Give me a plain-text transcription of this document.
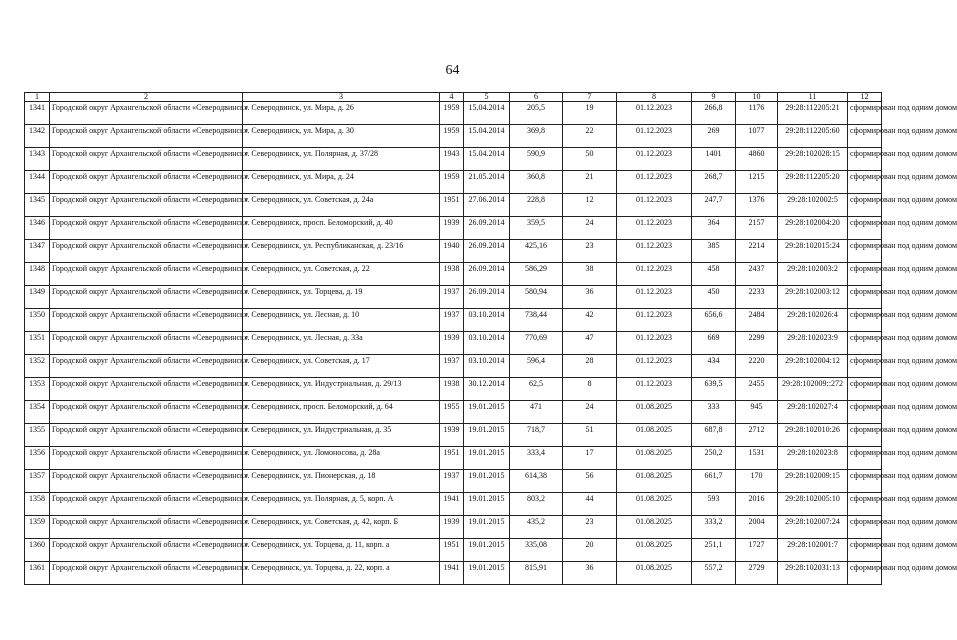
64
1	2	3	4	5	6	7	8	9	10	11	12
1341	Городской округ Архангельской области «Северодвинск»	г. Северодвинск, ул. Мира, д. 26	1959	15.04.2014	205,5	19	01.12.2023	266,8	1176	29:28:112205:21	сформирован под одним домом
1342	Городской округ Архангельской области «Северодвинск»	г. Северодвинск, ул. Мира, д. 30	1959	15.04.2014	369,8	22	01.12.2023	269	1077	29:28:112205:60	сформирован под одним домом
1343	Городской округ Архангельской области «Северодвинск»	г. Северодвинск, ул. Полярная, д. 37/28	1943	15.04.2014	590,9	50	01.12.2023	1401	4860	29:28:102028:15	сформирован под одним домом
1344	Городской округ Архангельской области «Северодвинск»	г. Северодвинск, ул. Мира, д. 24	1959	21.05.2014	360,8	21	01.12.2023	268,7	1215	29:28:112205:20	сформирован под одним домом
1345	Городской округ Архангельской области «Северодвинск»	г. Северодвинск, ул. Советская, д. 24а	1951	27.06.2014	228,8	12	01.12.2023	247,7	1376	29:28:102002:5	сформирован под одним домом
1346	Городской округ Архангельской области «Северодвинск»	г. Северодвинск, просп. Беломорский, д. 40	1939	26.09.2014	359,5	24	01.12.2023	364	2157	29:28:102004:20	сформирован под одним домом
1347	Городской округ Архангельской области «Северодвинск»	г. Северодвинск, ул. Республиканская, д. 23/16	1940	26.09.2014	425,16	23	01.12.2023	385	2214	29:28:102015:24	сформирован под одним домом
1348	Городской округ Архангельской области «Северодвинск»	г. Северодвинск, ул. Советская, д. 22	1938	26.09.2014	586,29	38	01.12.2023	458	2437	29:28:102003:2	сформирован под одним домом
1349	Городской округ Архангельской области «Северодвинск»	г. Северодвинск, ул. Торцева, д. 19	1937	26.09.2014	580,94	36	01.12.2023	450	2233	29:28:102003:12	сформирован под одним домом
1350	Городской округ Архангельской области «Северодвинск»	г. Северодвинск, ул. Лесная, д. 10	1937	03.10.2014	738,44	42	01.12.2023	656,6	2484	29:28:102026:4	сформирован под одним домом
1351	Городской округ Архангельской области «Северодвинск»	г. Северодвинск, ул. Лесная, д. 33а	1939	03.10.2014	770,69	47	01.12.2023	669	2299	29:28:102023:9	сформирован под одним домом
1352	Городской округ Архангельской области «Северодвинск»	г. Северодвинск, ул. Советская, д. 17	1937	03.10.2014	596,4	28	01.12.2023	434	2220	29:28:102004:12	сформирован под одним домом
1353	Городской округ Архангельской области «Северодвинск»	г. Северодвинск, ул. Индустриальная, д. 29/13	1938	30.12.2014	62,5	8	01.12.2023	639,5	2455	29:28:102009::272	сформирован под одним домом
1354	Городской округ Архангельской области «Северодвинск»	г. Северодвинск, просп. Беломорский, д. 64	1955	19.01.2015	471	24	01.08.2025	333	945	29:28:102027:4	сформирован под одним домом
1355	Городской округ Архангельской области «Северодвинск»	г. Северодвинск, ул. Индустриальная, д. 35	1939	19.01.2015	718,7	51	01.08.2025	687,8	2712	29:28:102010:26	сформирован под одним домом
1356	Городской округ Архангельской области «Северодвинск»	г. Северодвинск, ул. Ломоносова, д. 28а	1951	19.01.2015	333,4	17	01.08.2025	250,2	1531	29:28:102023:8	сформирован под одним домом
1357	Городской округ Архангельской области «Северодвинск»	г. Северодвинск, ул. Пионерская, д. 18	1937	19.01.2015	614,38	56	01.08.2025	661,7	170	29:28:102009:15	сформирован под одним домом
1358	Городской округ Архангельской области «Северодвинск»	г. Северодвинск, ул. Полярная, д. 5, корп. А	1941	19.01.2015	803,2	44	01.08.2025	593	2016	29:28:102005:10	сформирован под одним домом
1359	Городской округ Архангельской области «Северодвинск»	г. Северодвинск, ул. Советская, д. 42, корп. Б	1939	19.01.2015	435,2	23	01.08.2025	333,2	2004	29:28:102007:24	сформирован под одним домом
1360	Городской округ Архангельской области «Северодвинск»	г. Северодвинск, ул. Торцева, д. 11, корп. а	1951	19.01.2015	335,08	20	01.08.2025	251,1	1727	29:28:102001:7	сформирован под одним домом
1361	Городской округ Архангельской области «Северодвинск»	г. Северодвинск, ул. Торцева, д. 22, корп. а	1941	19.01.2015	815,91	36	01.08.2025	557,2	2729	29:28:102031:13	сформирован под одним домом
